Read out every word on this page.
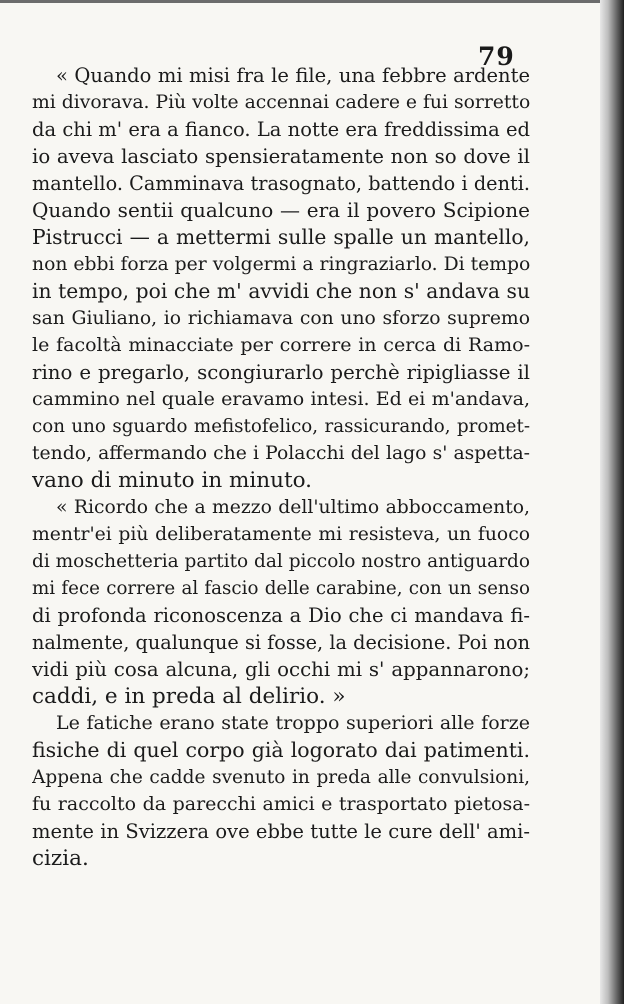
79
« Quando mi misi fra le file, una febbre ardente
mi divorava. Più volte accennai cadere e fui sorretto
da chi m' era a fianco. La notte era freddissima ed
io aveva lasciato spensieratamente non so dove il
mantello. Camminava trasognato, battendo i denti.
Quando sentii qualcuno — era il povero Scipione
Pistrucci — a mettermi sulle spalle un mantello,
non ebbi forza per volgermi a ringraziarlo. Di tempo
in tempo, poi che m' avvidi che non s' andava su
san Giuliano, io richiamava con uno sforzo supremo
le facoltà minacciate per correre in cerca di Ramo-
rino e pregarlo, scongiurarlo perchè ripigliasse il
cammino nel quale eravamo intesi. Ed ei m'andava,
con uno sguardo mefistofelico, rassicurando, promet-
tendo, affermando che i Polacchi del lago s' aspetta-
vano di minuto in minuto.
« Ricordo che a mezzo dell'ultimo abboccamento,
mentr'ei più deliberatamente mi resisteva, un fuoco
di moschetteria partito dal piccolo nostro antiguardo
mi fece correre al fascio delle carabine, con un senso
di profonda riconoscenza a Dio che ci mandava fi-
nalmente, qualunque si fosse, la decisione. Poi non
vidi più cosa alcuna, gli occhi mi s' appannarono;
caddi, e in preda al delirio. »
Le fatiche erano state troppo superiori alle forze
fisiche di quel corpo già logorato dai patimenti.
Appena che cadde svenuto in preda alle convulsioni,
fu raccolto da parecchi amici e trasportato pietosa-
mente in Svizzera ove ebbe tutte le cure dell' ami-
cizia.
